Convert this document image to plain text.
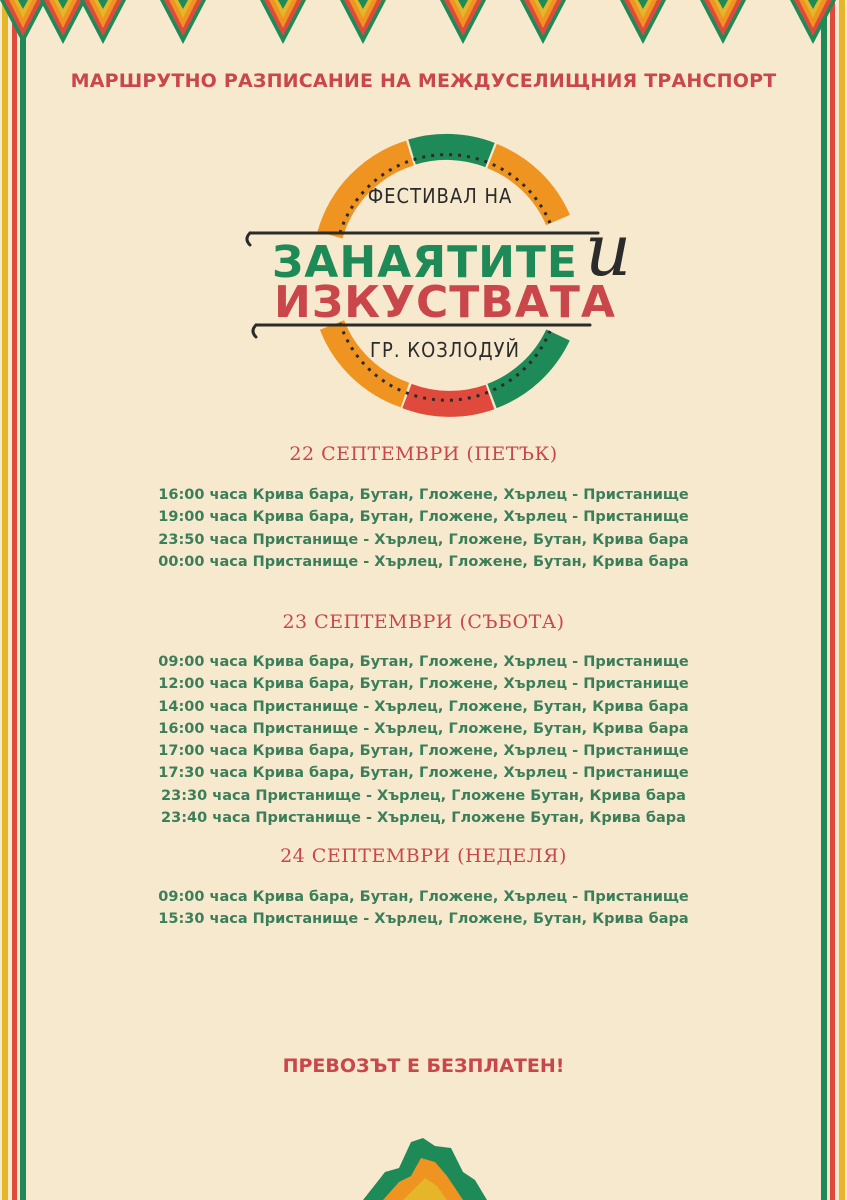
МАРШРУТНО РАЗПИСАНИЕ НА МЕЖДУСЕЛИЩНИЯ ТРАНСПОРТ
ФЕСТИВАЛ НА
ЗАНАЯТИТЕ и
ИЗКУСТВАТА
ГР. КОЗЛОДУЙ
22 СЕПТЕМВРИ (ПЕТЪК)
16:00 часа Крива бара, Бутан, Гложене, Хърлец - Пристанище
19:00 часа Крива бара, Бутан, Гложене, Хърлец - Пристанище
23:50 часа Пристанище - Хърлец, Гложене, Бутан, Крива бара
00:00 часа Пристанище - Хърлец, Гложене, Бутан, Крива бара
23 СЕПТЕМВРИ (СЪБОТА)
09:00 часа Крива бара, Бутан, Гложене, Хърлец - Пристанище
12:00 часа Крива бара, Бутан, Гложене, Хърлец - Пристанище
14:00 часа Пристанище - Хърлец, Гложене, Бутан, Крива бара
16:00 часа Пристанище - Хърлец, Гложене, Бутан, Крива бара
17:00 часа Крива бара, Бутан, Гложене, Хърлец - Пристанище
17:30 часа Крива бара, Бутан, Гложене, Хърлец - Пристанище
23:30 часа Пристанище - Хърлец, Гложене Бутан, Крива бара
23:40 часа Пристанище - Хърлец, Гложене Бутан, Крива бара
24 СЕПТЕМВРИ (НЕДЕЛЯ)
09:00 часа Крива бара, Бутан, Гложене, Хърлец - Пристанище
15:30 часа Пристанище - Хърлец, Гложене, Бутан, Крива бара
ПРЕВОЗЪТ Е БЕЗПЛАТЕН!
